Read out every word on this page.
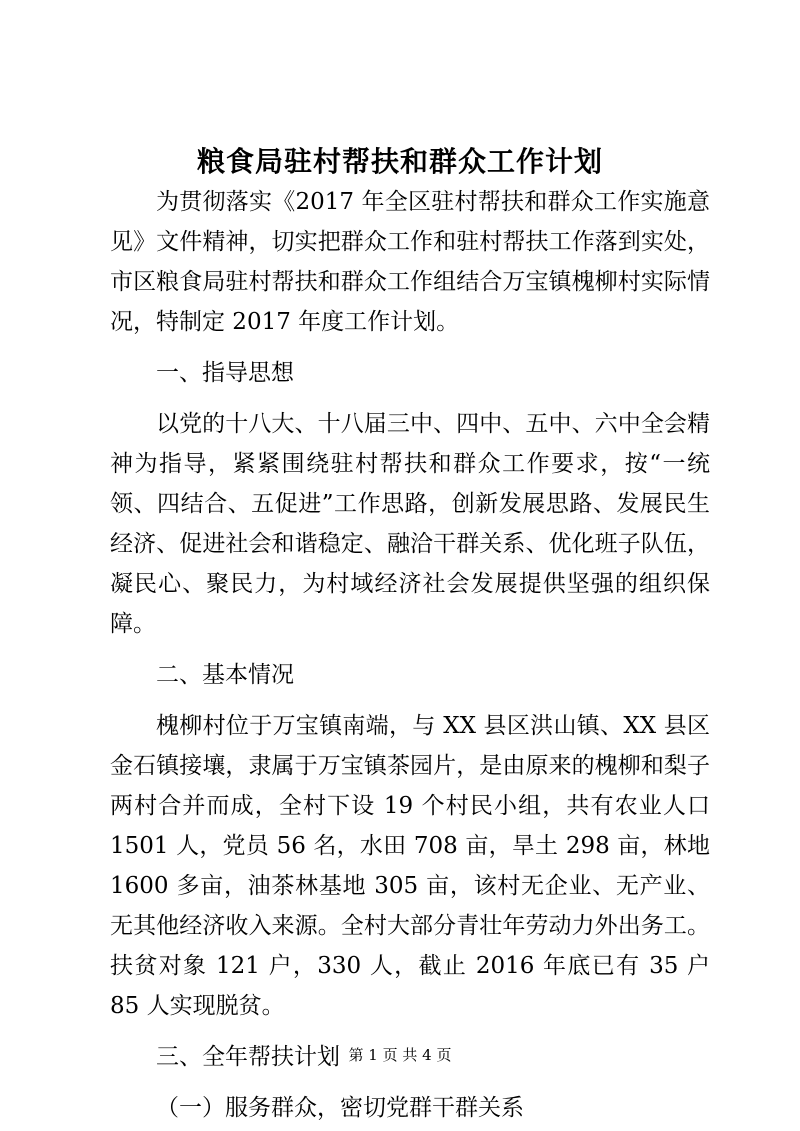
粮食局驻村帮扶和群众工作计划

为贯彻落实《2017 年全区驻村帮扶和群众工作实施意见》文件精神，切实把群众工作和驻村帮扶工作落到实处，市区粮食局驻村帮扶和群众工作组结合万宝镇槐柳村实际情况，特制定 2017 年度工作计划。

一、指导思想

以党的十八大、十八届三中、四中、五中、六中全会精神为指导，紧紧围绕驻村帮扶和群众工作要求，按“一统领、四结合、五促进”工作思路，创新发展思路、发展民生经济、促进社会和谐稳定、融洽干群关系、优化班子队伍，凝民心、聚民力，为村域经济社会发展提供坚强的组织保障。

二、基本情况

槐柳村位于万宝镇南端，与 XX 县区洪山镇、XX 县区金石镇接壤，隶属于万宝镇茶园片，是由原来的槐柳和梨子两村合并而成，全村下设 19 个村民小组，共有农业人口 1501 人，党员 56 名，水田 708 亩，旱土 298 亩，林地 1600 多亩，油茶林基地 305 亩，该村无企业、无产业、无其他经济收入来源。全村大部分青壮年劳动力外出务工。扶贫对象 121 户，330 人，截止 2016 年底已有 35 户 85 人实现脱贫。

三、全年帮扶计划

（一）服务群众，密切党群干群关系

第 1 页 共 4 页
